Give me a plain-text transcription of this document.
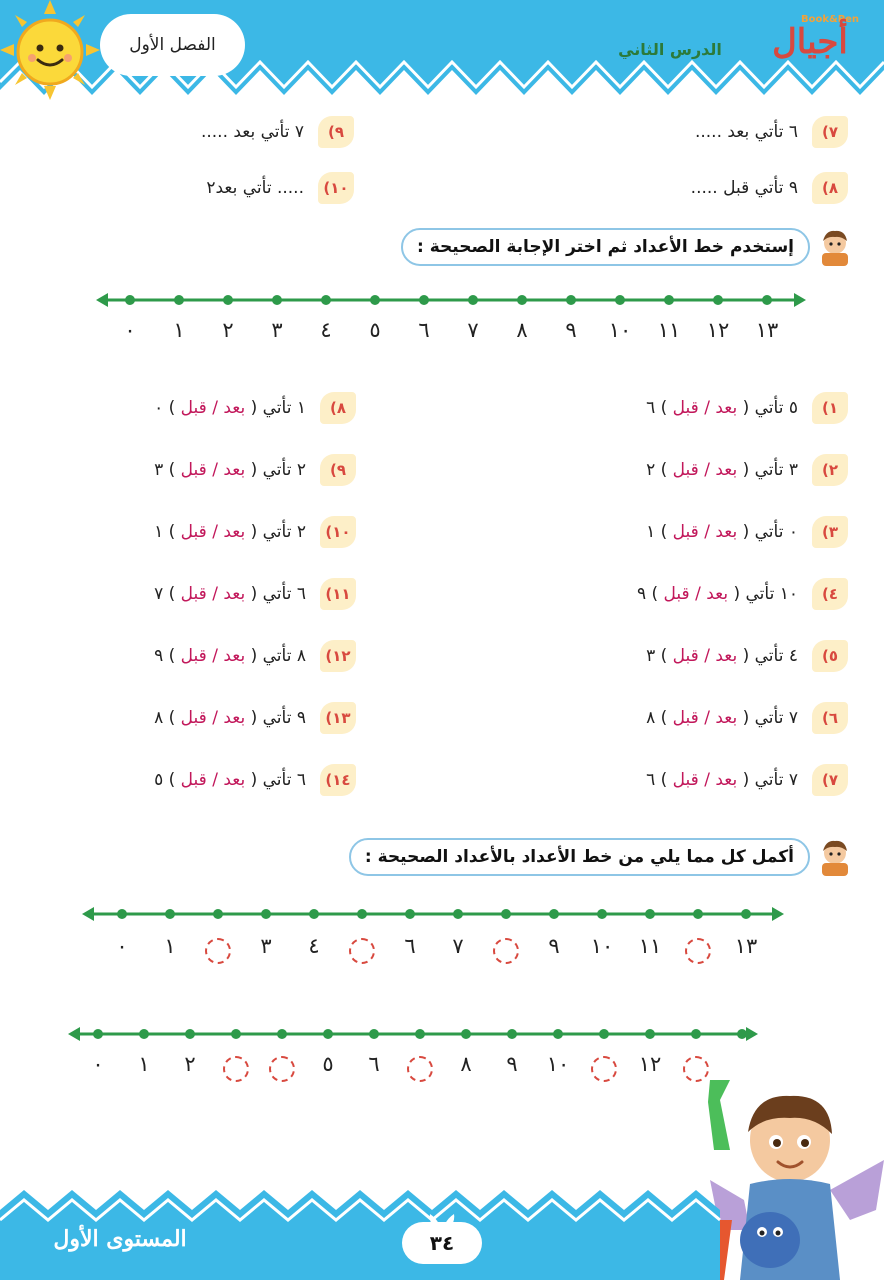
الفصل الأول	الدرس الثاني
Book&Pen
أجيال
٧)
٦ تأتي بعد .....
٩)
٧ تأتي بعد .....
٨)
٩ تأتي قبل .....
١٠)
..... تأتي بعد٢
إستخدم خط الأعداد ثم اختر الإجابة الصحيحة :
٠	١	٢	٣	٤	٥	٦	٧	٨	٩	١٠ ١١ ١٢ ١٣
١)
٥ تأتي ( بعد / قبل ) ٦
٢)
٣ تأتي ( بعد / قبل ) ٢
٣)
٠ تأتي ( بعد / قبل ) ١
٤)
١٠ تأتي ( بعد / قبل ) ٩
٥)
٤ تأتي ( بعد / قبل ) ٣
٦)
٧ تأتي ( بعد / قبل ) ٨
٧)
٧ تأتي ( بعد / قبل ) ٦
٨)
١ تأتي ( بعد / قبل ) ٠
٩)
٢ تأتي ( بعد / قبل ) ٣
١٠)
٢ تأتي ( بعد / قبل ) ١
١١)
٦ تأتي ( بعد / قبل ) ٧
١٢)
٨ تأتي ( بعد / قبل ) ٩
١٣)
٩ تأتي ( بعد / قبل ) ٨
١٤)
٦ تأتي ( بعد / قبل ) ٥
أكمل كل مما يلي من خط الأعداد بالأعداد الصحيحة :
٠	١	٣	٤	٦	٧	٩	١٠ ١١	١٣
٠	١	٢	٥	٦	٨	٩	١٠	١٢
٣٤
المستوى الأول
